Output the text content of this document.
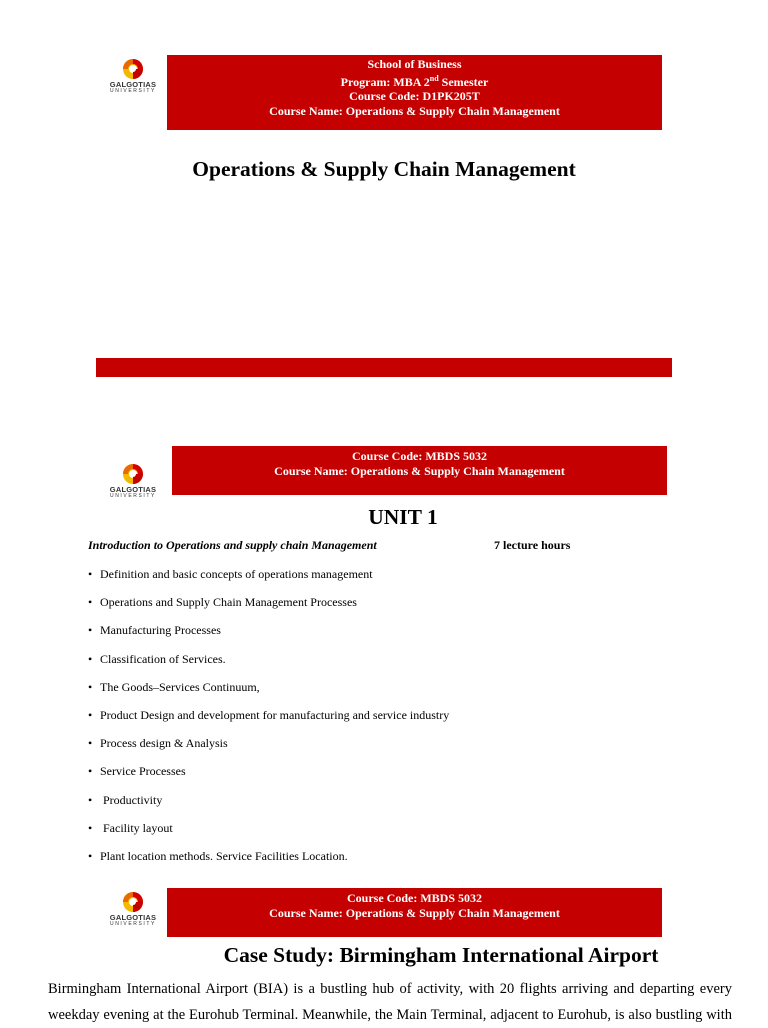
GALGOTIAS
UNIVERSITY
School of Business
Program: MBA 2nd Semester
Course Code: D1PK205T
Course Name: Operations & Supply Chain Management
Operations & Supply Chain Management
GALGOTIAS
UNIVERSITY
Course Code: MBDS 5032
Course Name: Operations & Supply Chain Management
UNIT 1
Introduction to Operations and supply chain Management	7 lecture hours
• Definition and basic concepts of operations management
• Operations and Supply Chain Management Processes
• Manufacturing Processes
• Classification of Services.
• The Goods–Services Continuum,
• Product Design and development for manufacturing and service industry
• Process design & Analysis
• Service Processes
• Productivity
• Facility layout
• Plant location methods. Service Facilities Location.
GALGOTIAS
UNIVERSITY
Course Code: MBDS 5032
Course Name: Operations & Supply Chain Management
Case Study: Birmingham International Airport
Birmingham International Airport (BIA) is a bustling hub of activity, with 20 flights arriving and departing every weekday evening at the Eurohub Terminal. Meanwhile, the Main Terminal, adjacent to Eurohub, is also bustling with
